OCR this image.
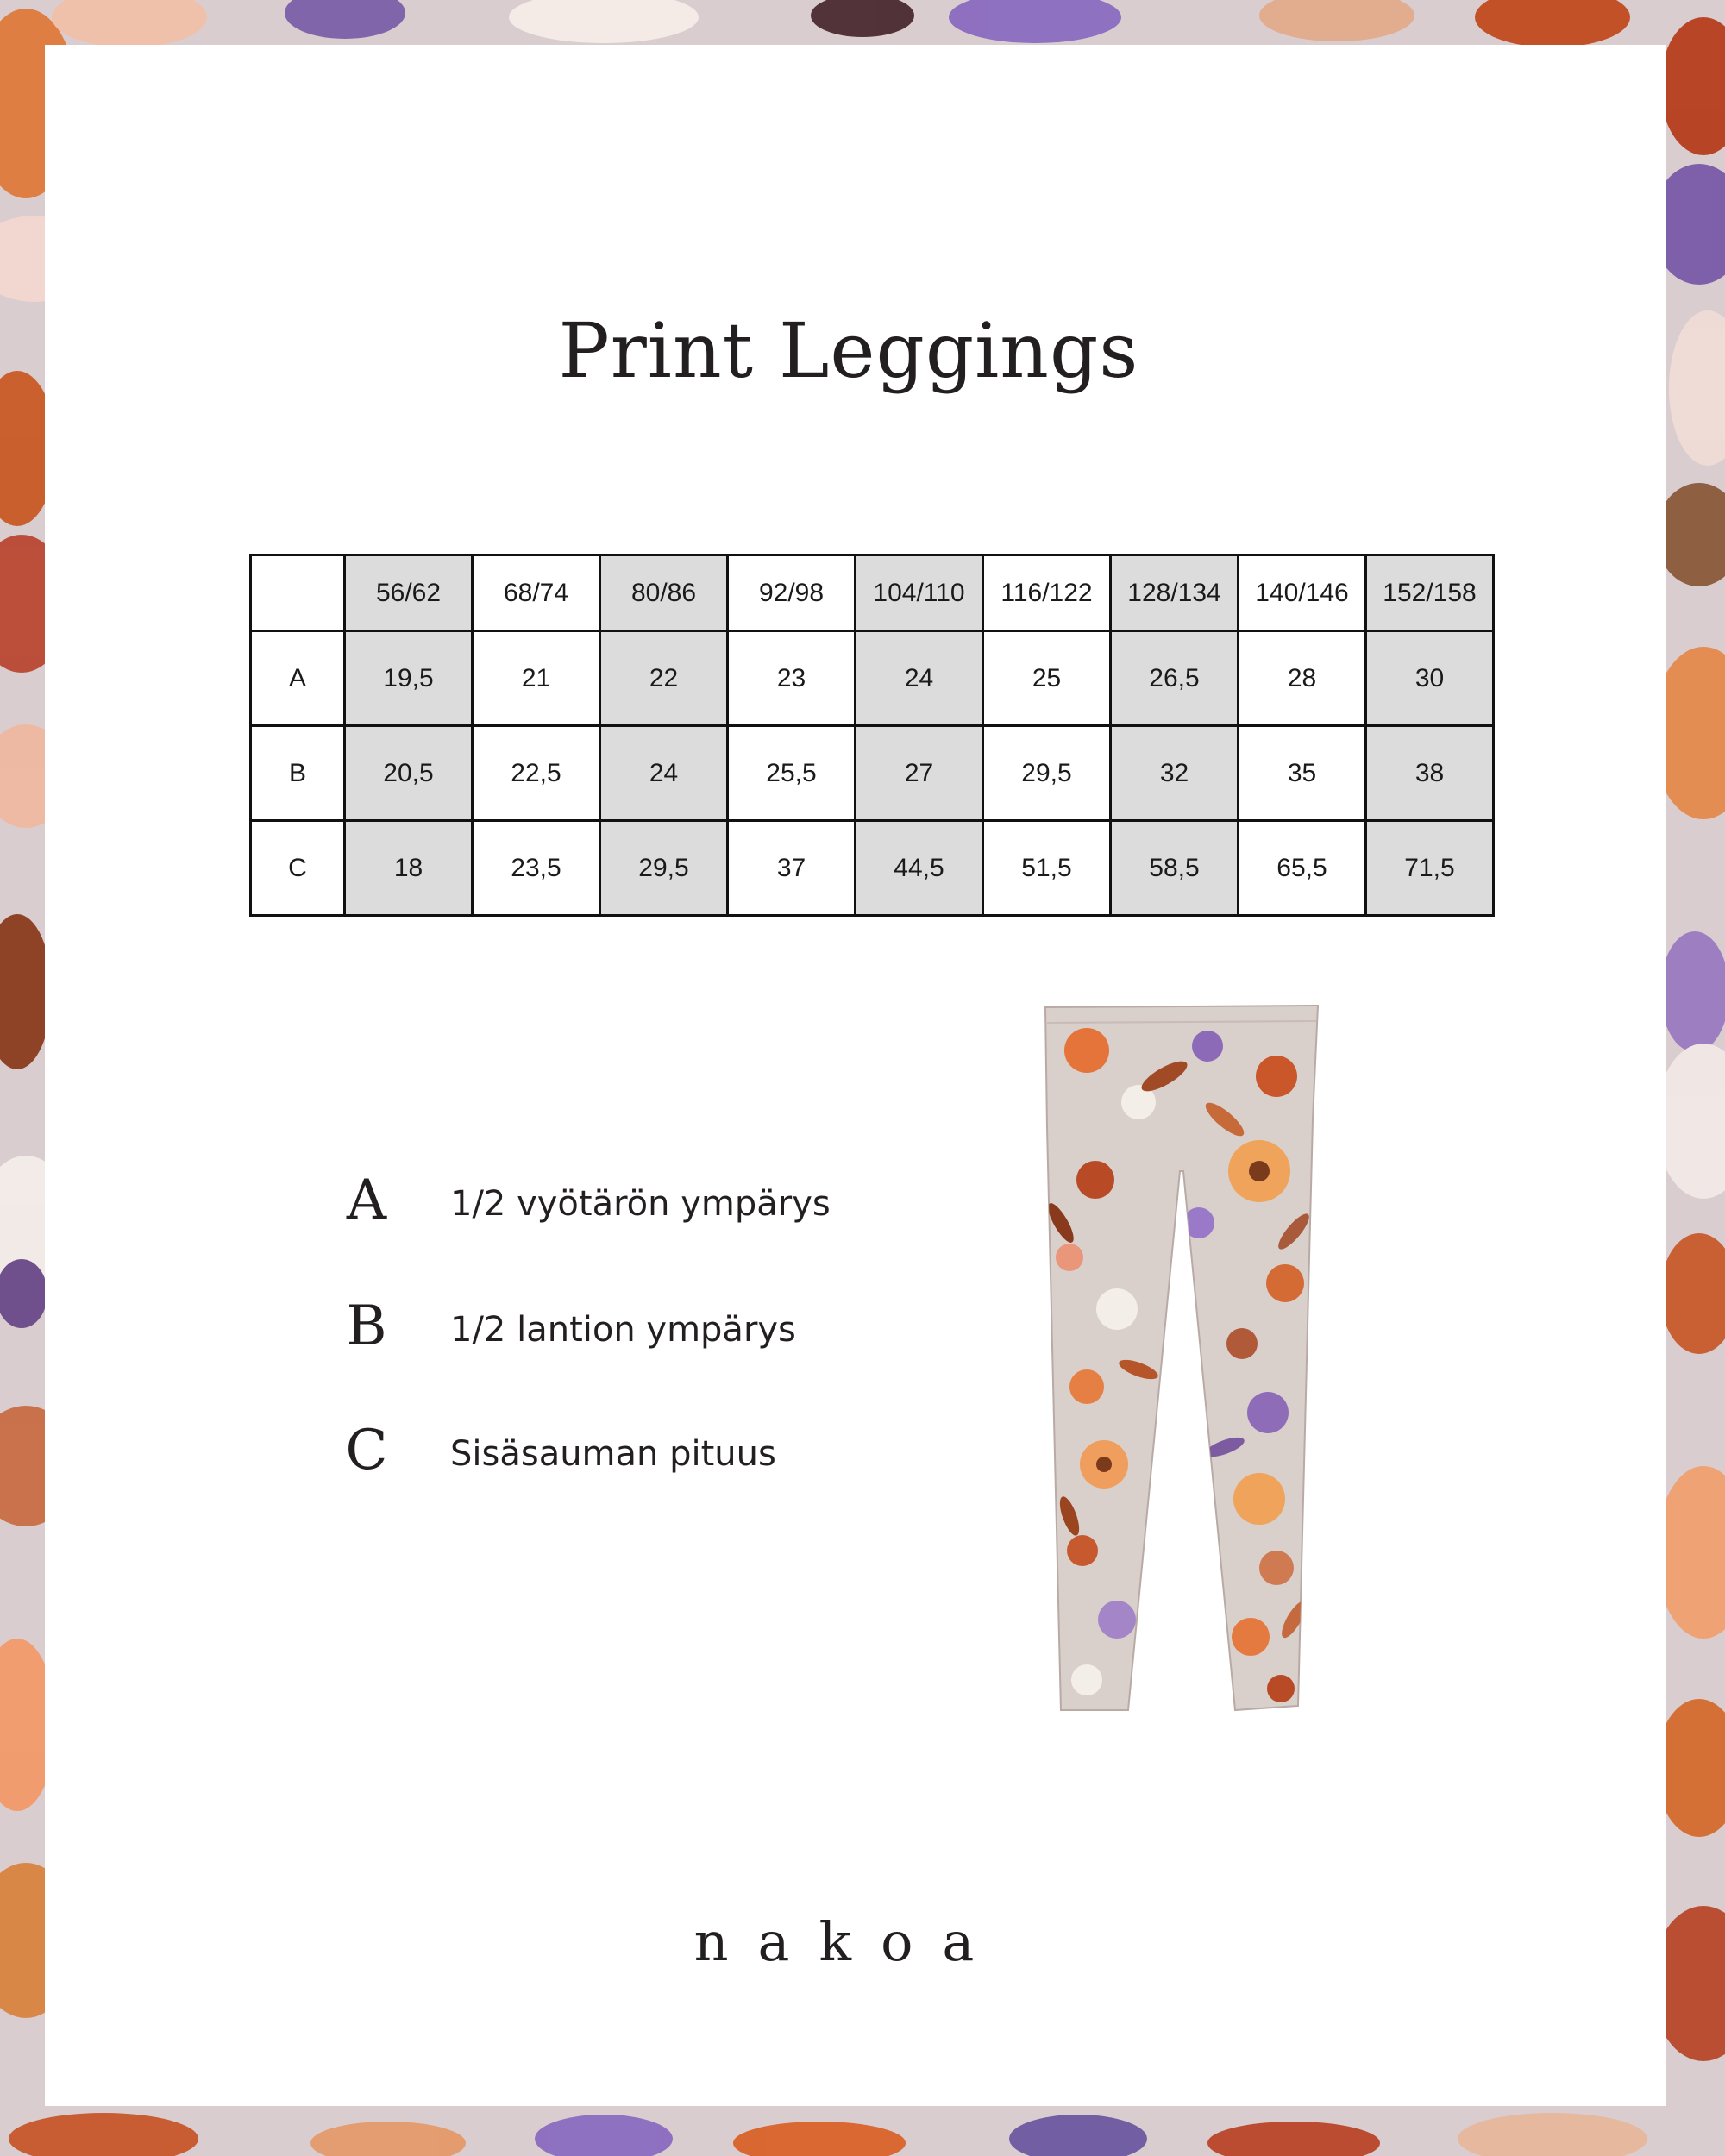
Print Leggings
	56/62	68/74	80/86	92/98	104/110	116/122	128/134	140/146	152/158
A	19,5	21	22	23	24	25	26,5	28	30
B	20,5	22,5	24	25,5	27	29,5	32	35	38
C	18	23,5	29,5	37	44,5	51,5	58,5	65,5	71,5
A	1/2 vyötärön ympärys
B	1/2 lantion ympärys
C	Sisäsauman pituus
nakoa
